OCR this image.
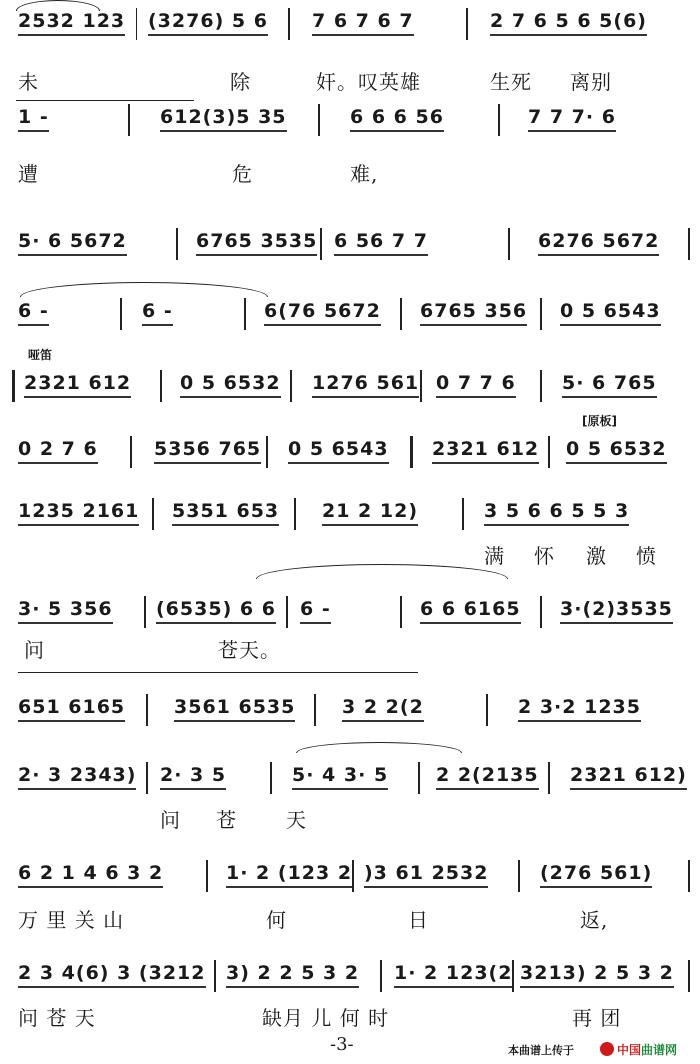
2532 123 (3276) 5 6 7 6 7 6 7	2 7 6 5 6 5(6)
未	除	奸。叹英雄	生死 离别
1 -	612(3)5 35	6 6 6 56	7 7 7· 6
遭	危	难,
5· 6 5672	6765 3535 6 56 7 7	6276 5672
6 -	6 -	6(76 5672 6765 356 0 5 6543
哑笛
2321 612	0 5 6532 1276 561 0 7 7 6 5· 6 765
[原板]
0 2 7 6	5356 765 0 5 6543 2321 612 0 5 6532
1235 2161 5351 653 21 2 12)	3 5 6 6 5 5 3
满 怀 激 愤
3· 5 356 (6535) 6 6 6 -	6 6 6165 3·(2)3535
问	苍天。
651 6165	3561 6535 3 2 2(2	2 3·2 1235
2· 3 2343) 2· 3 5	5· 4 3· 5	2 2(2135 2321 612)
问 苍 天
6 2 1 4 6 3 2	1· 2 (123 2 )3 61 2532	(276 561)
万 里 关 山	何	日	返,
2 3 4(6) 3 (3212 3) 2 2 5 3 2 1· 2 123(2 3213) 2 5 3 2
问 苍 天	缺月 儿 何 时	再 团
-3-	本曲谱上传于	中国 曲谱网
